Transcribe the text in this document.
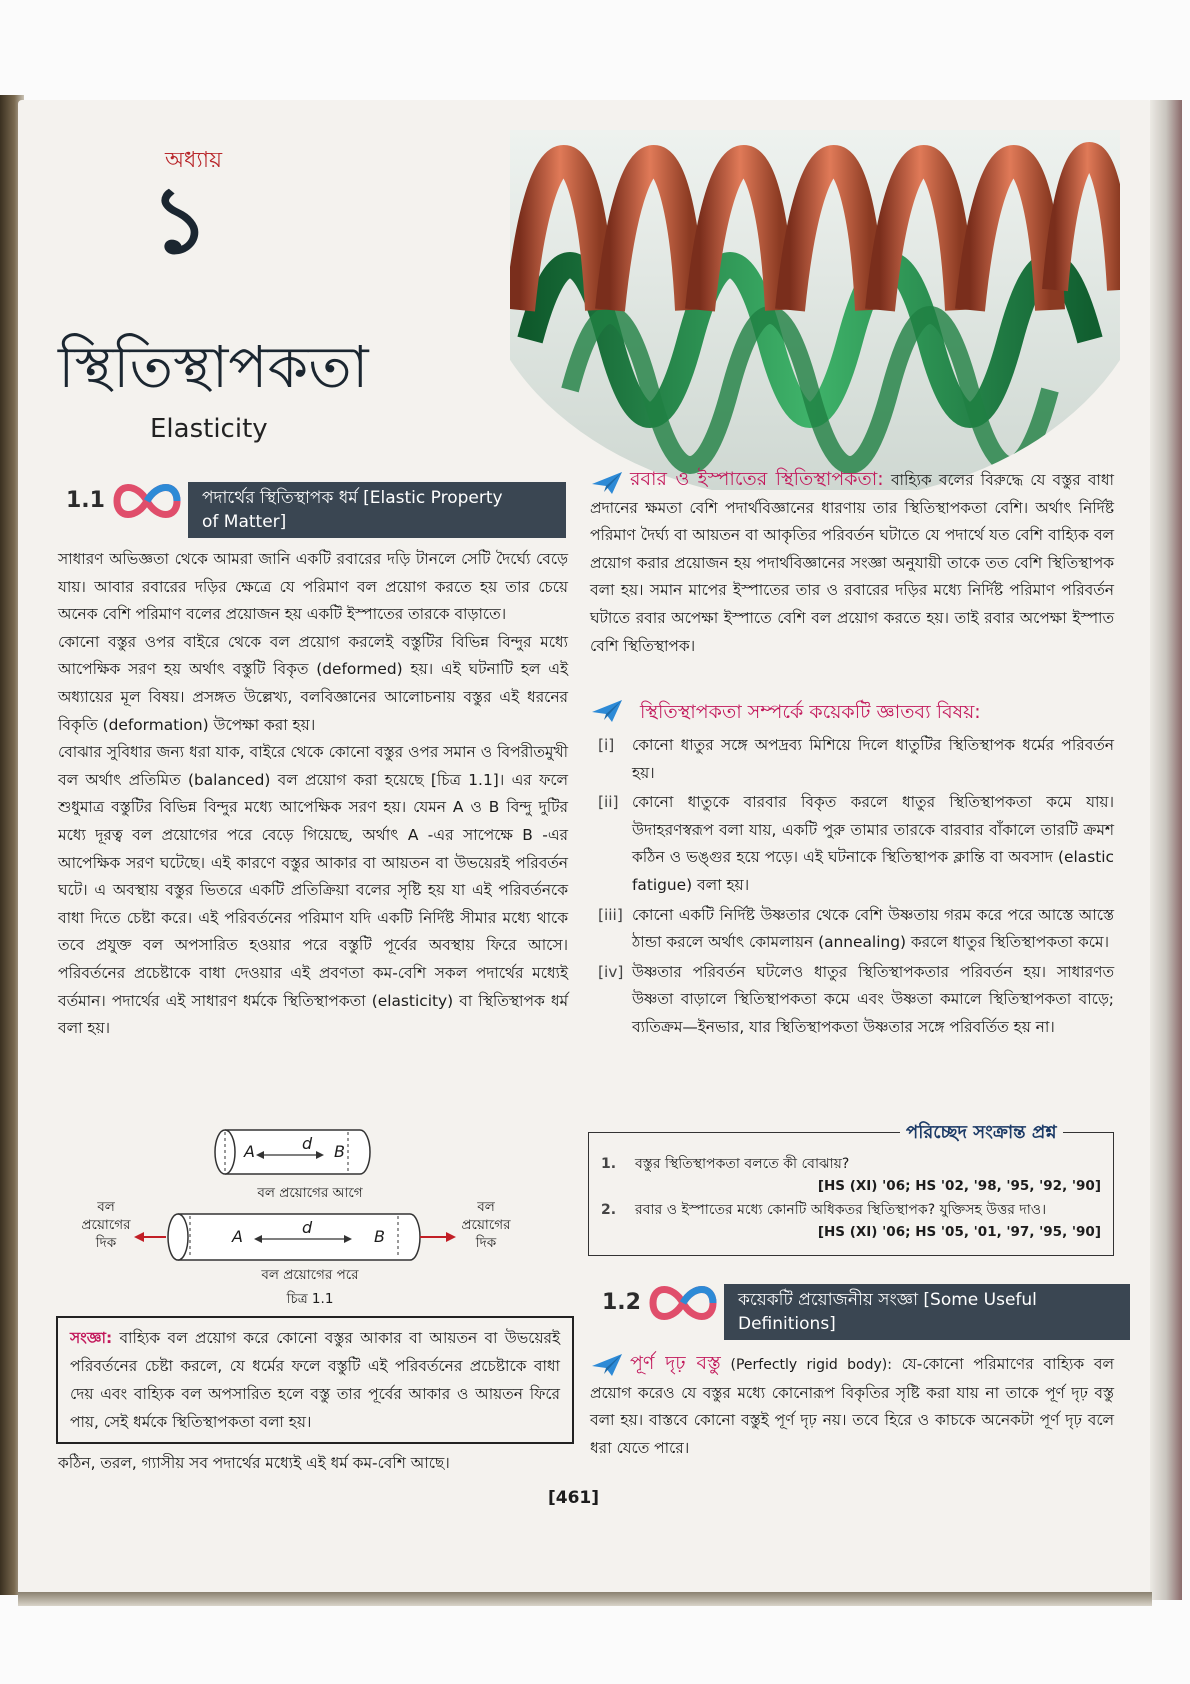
অধ্যায়
১
স্থিতিস্থাপকতা
Elasticity
1.1	পদার্থের স্থিতিস্থাপক ধর্ম [Elastic Property
of Matter]

সাধারণ অভিজ্ঞতা থেকে আমরা জানি একটি রবারের দড়ি টানলে সেটি দৈর্ঘ্যে বেড়ে যায়। আবার রবারের দড়ির ক্ষেত্রে যে পরিমাণ বল প্রয়োগ করতে হয় তার চেয়ে অনেক বেশি পরিমাণ বলের প্রয়োজন হয় একটি ইস্পাতের তারকে বাড়াতে।

কোনো বস্তুর ওপর বাইরে থেকে বল প্রয়োগ করলেই বস্তুটির বিভিন্ন বিন্দুর মধ্যে আপেক্ষিক সরণ হয় অর্থাৎ বস্তুটি বিকৃত (deformed) হয়। এই ঘটনাটি হল এই অধ্যায়ের মূল বিষয়। প্রসঙ্গত উল্লেখ্য, বলবিজ্ঞানের আলোচনায় বস্তুর এই ধরনের বিকৃতি (deformation) উপেক্ষা করা হয়।

বোঝার সুবিধার জন্য ধরা যাক, বাইরে থেকে কোনো বস্তুর ওপর সমান ও বিপরীতমুখী বল অর্থাৎ প্রতিমিত (balanced) বল প্রয়োগ করা হয়েছে [চিত্র 1.1]। এর ফলে শুধুমাত্র বস্তুটির বিভিন্ন বিন্দুর মধ্যে আপেক্ষিক সরণ হয়। যেমন A ও B বিন্দু দুটির মধ্যে দূরত্ব বল প্রয়োগের পরে বেড়ে গিয়েছে, অর্থাৎ A -এর সাপেক্ষে B -এর আপেক্ষিক সরণ ঘটেছে। এই কারণে বস্তুর আকার বা আয়তন বা উভয়েরই পরিবর্তন ঘটে। এ অবস্থায় বস্তুর ভিতরে একটি প্রতিক্রিয়া বলের সৃষ্টি হয় যা এই পরিবর্তনকে বাধা দিতে চেষ্টা করে। এই পরিবর্তনের পরিমাণ যদি একটি নির্দিষ্ট সীমার মধ্যে থাকে তবে প্রযুক্ত বল অপসারিত হওয়ার পরে বস্তুটি পূর্বের অবস্থায় ফিরে আসে। পরিবর্তনের প্রচেষ্টাকে বাধা দেওয়ার এই প্রবণতা কম-বেশি সকল পদার্থের মধ্যেই বর্তমান। পদার্থের এই সাধারণ ধর্মকে স্থিতিস্থাপকতা (elasticity) বা স্থিতিস্থাপক ধর্ম বলা হয়।

A	d B
বল প্রয়োগের আগে
A	d	B
বল
প্রয়োগের
দিক
বল
প্রয়োগের
দিক
বল প্রয়োগের পরে
চিত্র 1.1
সংজ্ঞা: বাহ্যিক বল প্রয়োগ করে কোনো বস্তুর আকার বা আয়তন বা উভয়েরই পরিবর্তনের চেষ্টা করলে, যে ধর্মের ফলে বস্তুটি এই পরিবর্তনের প্রচেষ্টাকে বাধা দেয় এবং বাহ্যিক বল অপসারিত হলে বস্তু তার পূর্বের আকার ও আয়তন ফিরে পায়, সেই ধর্মকে স্থিতিস্থাপকতা বলা হয়।
কঠিন, তরল, গ্যাসীয় সব পদার্থের মধ্যেই এই ধর্ম কম-বেশি আছে।

রবার ও ইস্পাতের স্থিতিস্থাপকতা: বাহ্যিক বলের বিরুদ্ধে যে বস্তুর বাধা প্রদানের ক্ষমতা বেশি পদার্থবিজ্ঞানের ধারণায় তার স্থিতিস্থাপকতা বেশি। অর্থাৎ নির্দিষ্ট পরিমাণ দৈর্ঘ্য বা আয়তন বা আকৃতির পরিবর্তন ঘটাতে যে পদার্থে যত বেশি বাহ্যিক বল প্রয়োগ করার প্রয়োজন হয় পদার্থবিজ্ঞানের সংজ্ঞা অনুযায়ী তাকে তত বেশি স্থিতিস্থাপক বলা হয়। সমান মাপের ইস্পাতের তার ও রবারের দড়ির মধ্যে নির্দিষ্ট পরিমাণ পরিবর্তন ঘটাতে রবার অপেক্ষা ইস্পাতে বেশি বল প্রয়োগ করতে হয়। তাই রবার অপেক্ষা ইস্পাত বেশি স্থিতিস্থাপক।

স্থিতিস্থাপকতা সম্পর্কে কয়েকটি জ্ঞাতব্য বিষয়:
[i] কোনো ধাতুর সঙ্গে অপদ্রব্য মিশিয়ে দিলে ধাতুটির স্থিতিস্থাপক ধর্মের পরিবর্তন হয়।
[ii] কোনো ধাতুকে বারবার বিকৃত করলে ধাতুর স্থিতিস্থাপকতা কমে যায়। উদাহরণস্বরূপ বলা যায়, একটি পুরু তামার তারকে বারবার বাঁকালে তারটি ক্রমশ কঠিন ও ভঙ্গুর হয়ে পড়ে। এই ঘটনাকে স্থিতিস্থাপক ক্লান্তি বা অবসাদ (elastic fatigue) বলা হয়।
[iii] কোনো একটি নির্দিষ্ট উষ্ণতার থেকে বেশি উষ্ণতায় গরম করে পরে আস্তে আস্তে ঠান্ডা করলে অর্থাৎ কোমলায়ন (annealing) করলে ধাতুর স্থিতিস্থাপকতা কমে।
[iv] উষ্ণতার পরিবর্তন ঘটলেও ধাতুর স্থিতিস্থাপকতার পরিবর্তন হয়। সাধারণত উষ্ণতা বাড়ালে স্থিতিস্থাপকতা কমে এবং উষ্ণতা কমালে স্থিতিস্থাপকতা বাড়ে; ব্যতিক্রম—ইনভার, যার স্থিতিস্থাপকতা উষ্ণতার সঙ্গে পরিবর্তিত হয় না।
1. বস্তুর স্থিতিস্থাপকতা বলতে কী বোঝায়?
[HS (XI) '06; HS '02, '98, '95, '92, '90]
2. রবার ও ইস্পাতের মধ্যে কোনটি অধিকতর স্থিতিস্থাপক? যুক্তিসহ উত্তর দাও।
[HS (XI) '06; HS '05, '01, '97, '95, '90]
পরিচ্ছেদ সংক্রান্ত প্রশ্ন
1.2	কয়েকটি প্রয়োজনীয় সংজ্ঞা [Some Useful
Definitions]

পূর্ণ দৃঢ় বস্তু (Perfectly rigid body): যে-কোনো পরিমাণের বাহ্যিক বল প্রয়োগ করেও যে বস্তুর মধ্যে কোনোরূপ বিকৃতির সৃষ্টি করা যায় না তাকে পূর্ণ দৃঢ় বস্তু বলা হয়। বাস্তবে কোনো বস্তুই পূর্ণ দৃঢ় নয়। তবে হিরে ও কাচকে অনেকটা পূর্ণ দৃঢ় বলে ধরা যেতে পারে।

[461]
